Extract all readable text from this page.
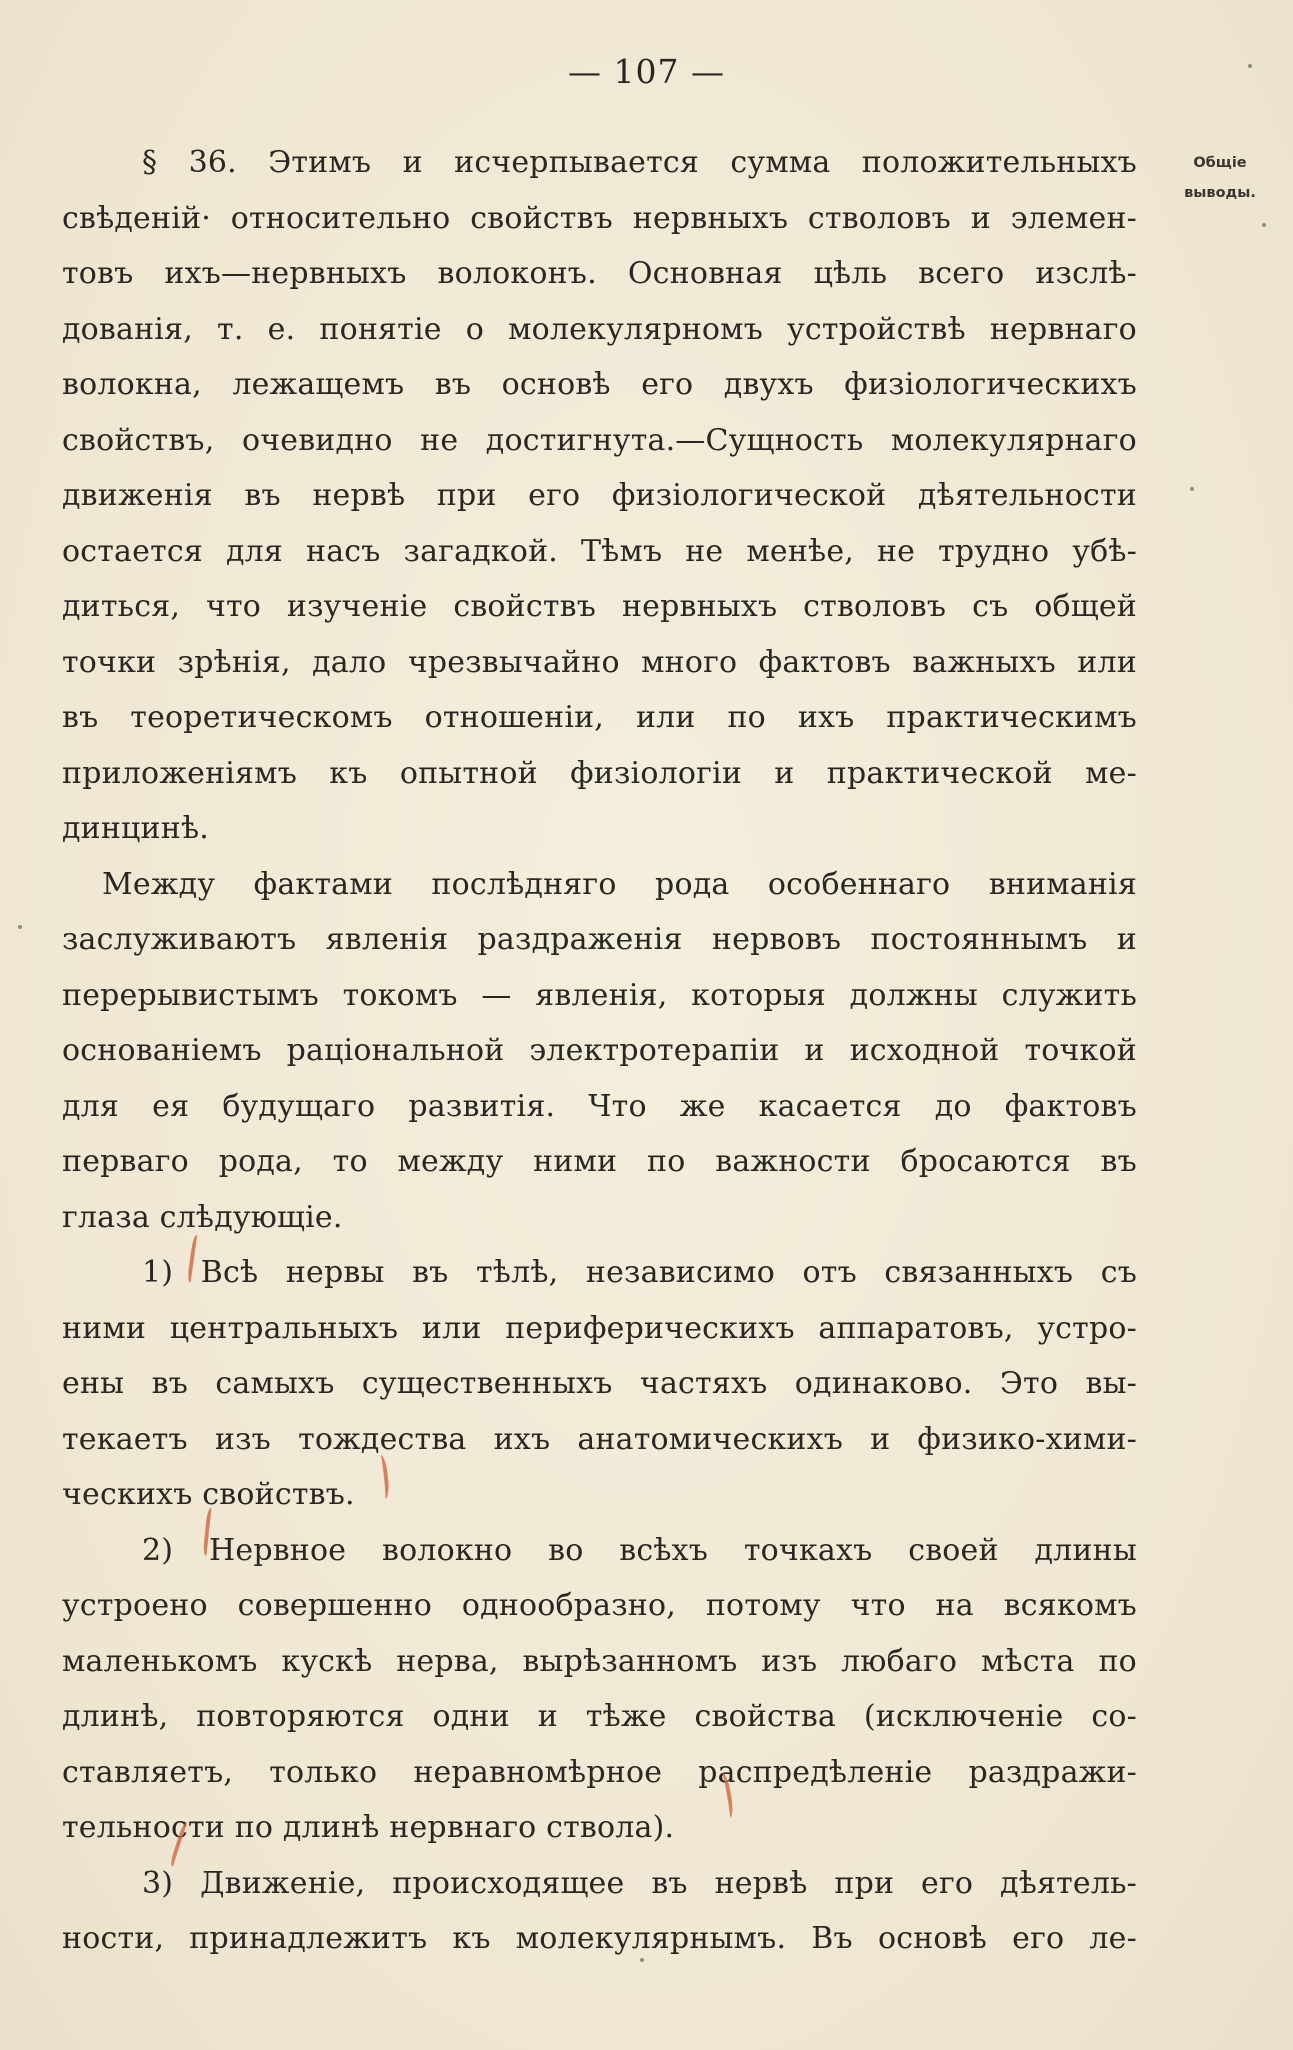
— 107 —
Общіе
выводы.
§ 36. Этимъ и исчерпывается сумма положительныхъ
свѣденій· относительно свойствъ нервныхъ стволовъ и элемен-
товъ ихъ—нервныхъ волоконъ. Основная цѣль всего изслѣ-
дованія, т. е. понятіе о молекулярномъ устройствѣ нервнаго
волокна, лежащемъ въ основѣ его двухъ физіологическихъ
свойствъ, очевидно не достигнута.—Сущность молекулярнаго
движенія въ нервѣ при его физіологической дѣятельности
остается для насъ загадкой. Тѣмъ не менѣе, не трудно убѣ-
диться, что изученіе свойствъ нервныхъ стволовъ съ общей
точки зрѣнія, дало чрезвычайно много фактовъ важныхъ или
въ теоретическомъ отношеніи, или по ихъ практическимъ
приложеніямъ къ опытной физіологіи и практической ме-
динцинѣ.
Между фактами послѣдняго рода особеннаго вниманія
заслуживаютъ явленія раздраженія нервовъ постояннымъ и
перерывистымъ токомъ — явленія, которыя должны служить
основаніемъ раціональной электротерапіи и исходной точкой
для ея будущаго развитія. Что же касается до фактовъ
перваго рода, то между ними по важности бросаются въ
глаза слѣдующіе.
1) Всѣ нервы въ тѣлѣ, независимо отъ связанныхъ съ
ними центральныхъ или периферическихъ аппаратовъ, устро-
ены въ самыхъ существенныхъ частяхъ одинаково. Это вы-
текаетъ изъ тождества ихъ анатомическихъ и физико-хими-
ческихъ свойствъ.
2) Нервное волокно во всѣхъ точкахъ своей длины
устроено совершенно однообразно, потому что на всякомъ
маленькомъ кускѣ нерва, вырѣзанномъ изъ любаго мѣста по
длинѣ, повторяются одни и тѣже свойства (исключеніе со-
ставляетъ, только неравномѣрное распредѣленіе раздражи-
тельности по длинѣ нервнаго ствола).
3) Движеніе, происходящее въ нервѣ при его дѣятель-
ности, принадлежитъ къ молекулярнымъ. Въ основѣ его ле-
